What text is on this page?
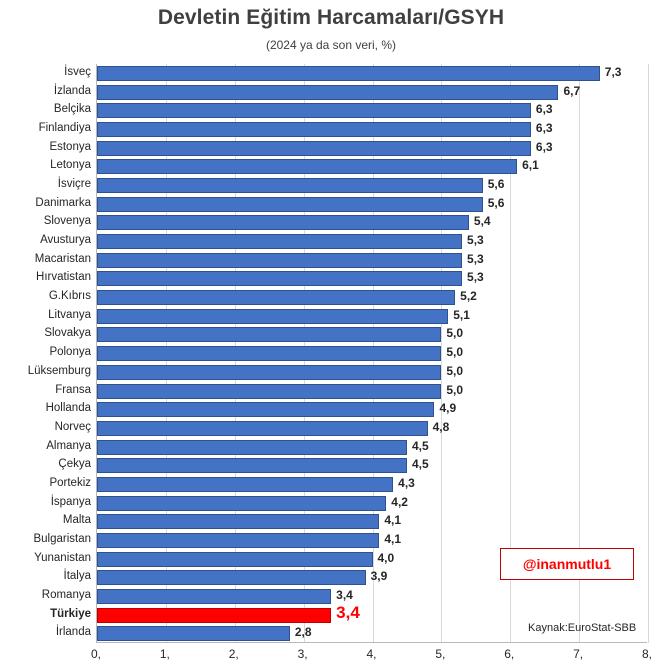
Devletin Eğitim Harcamaları/GSYH
(2024 ya da son veri, %)
İsveç	7,3
İzlanda	6,7
Belçika	6,3
Finlandiya	6,3
Estonya	6,3
Letonya	6,1
İsviçre	5,6
Danimarka	5,6
Slovenya	5,4
Avusturya	5,3
Macaristan	5,3
Hırvatistan	5,3
G.Kıbrıs	5,2
Litvanya	5,1
Slovakya	5,0
Polonya	5,0
Lüksemburg	5,0
Fransa	5,0
Hollanda	4,9
Norveç	4,8
Almanya	4,5
Çekya	4,5
Portekiz	4,3
İspanya	4,2
Malta	4,1
Bulgaristan	4,1
Yunanistan	4,0
İtalya	3,9
Romanya	3,4
Türkiye	3,4
İrlanda	2,8
0,	1,	2,	3,	4,	5,	6,	7,	8,
@inanmutlu1
Kaynak:EuroStat-SBB
